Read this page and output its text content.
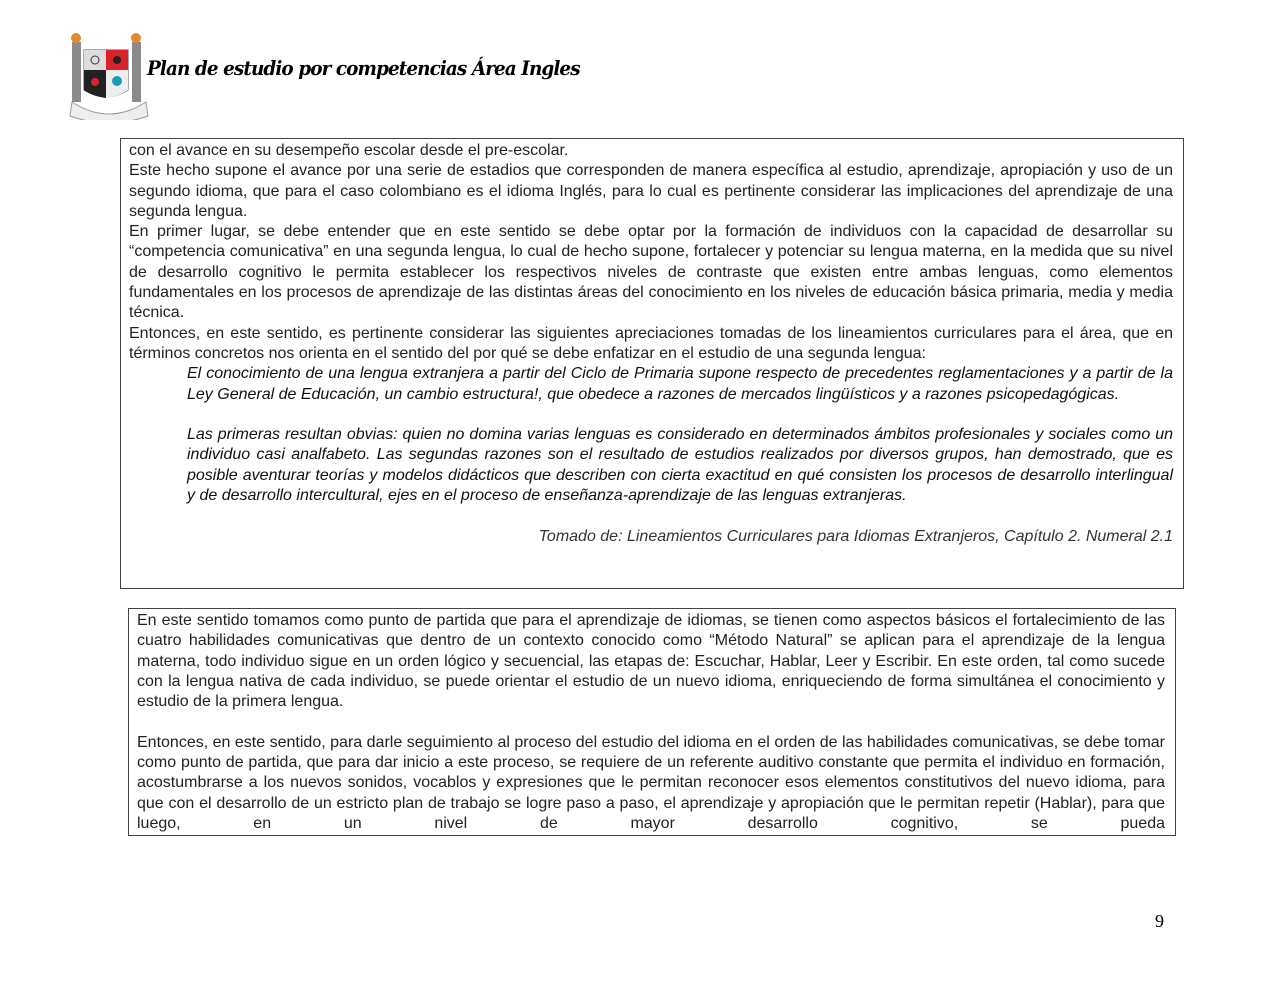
Plan de estudio por competencias Área Ingles

con el avance en su desempeño escolar desde el pre-escolar.

Este hecho supone el avance por una serie de estadios que corresponden de manera específica al estudio, aprendizaje, apropiación y uso de un segundo idioma, que para el caso colombiano es el idioma Inglés, para lo cual es pertinente considerar las implicaciones del aprendizaje de una segunda lengua.

En primer lugar, se debe entender que en este sentido se debe optar por la formación de individuos con la capacidad de desarrollar su “competencia comunicativa” en una segunda lengua, lo cual de hecho supone, fortalecer y potenciar su lengua materna, en la medida que su nivel de desarrollo cognitivo le permita establecer los respectivos niveles de contraste que existen entre ambas lenguas, como elementos fundamentales en los procesos de aprendizaje de las distintas áreas del conocimiento en los niveles de educación básica primaria, media y media técnica.

Entonces, en este sentido, es pertinente considerar las siguientes apreciaciones tomadas de los lineamientos curriculares para el área, que en términos concretos nos orienta en el sentido del por qué se debe enfatizar en el estudio de una segunda lengua:

El conocimiento de una lengua extranjera a partir del Ciclo de Primaria supone respecto de precedentes reglamentaciones y a partir de la Ley General de Educación, un cambio estructura!, que obedece a razones de mercados lingüísticos y a razones psicopedagógicas.

Las primeras resultan obvias: quien no domina varias lenguas es considerado en determinados ámbitos profesionales y sociales como un individuo casi analfabeto. Las segundas razones son el resultado de estudios realizados por diversos grupos, han demostrado, que es posible aventurar teorías y modelos didácticos que describen con cierta exactitud en qué consisten los procesos de desarrollo interlingual y de desarrollo intercultural, ejes en el proceso de enseñanza-aprendizaje de las lenguas extranjeras.

Tomado de: Lineamientos Curriculares para Idiomas Extranjeros, Capítulo 2. Numeral 2.1

En este sentido tomamos como punto de partida que para el aprendizaje de idiomas, se tienen como aspectos básicos el fortalecimiento de las cuatro habilidades comunicativas que dentro de un contexto conocido como “Método Natural” se aplican para el aprendizaje de la lengua materna, todo individuo sigue en un orden lógico y secuencial, las etapas de: Escuchar, Hablar, Leer y Escribir. En este orden, tal como sucede con la lengua nativa de cada individuo, se puede orientar el estudio de un nuevo idioma, enriqueciendo de forma simultánea el conocimiento y estudio de la primera lengua.

Entonces, en este sentido, para darle seguimiento al proceso del estudio del idioma en el orden de las habilidades comunicativas, se debe tomar como punto de partida, que para dar inicio a este proceso, se requiere de un referente auditivo constante que permita el individuo en formación, acostumbrarse a los nuevos sonidos, vocablos y expresiones que le permitan reconocer esos elementos constitutivos del nuevo idioma, para que con el desarrollo de un estricto plan de trabajo se logre paso a paso, el aprendizaje y apropiación que le permitan repetir (Hablar), para que luego, en un nivel de mayor desarrollo cognitivo, se pueda

9
